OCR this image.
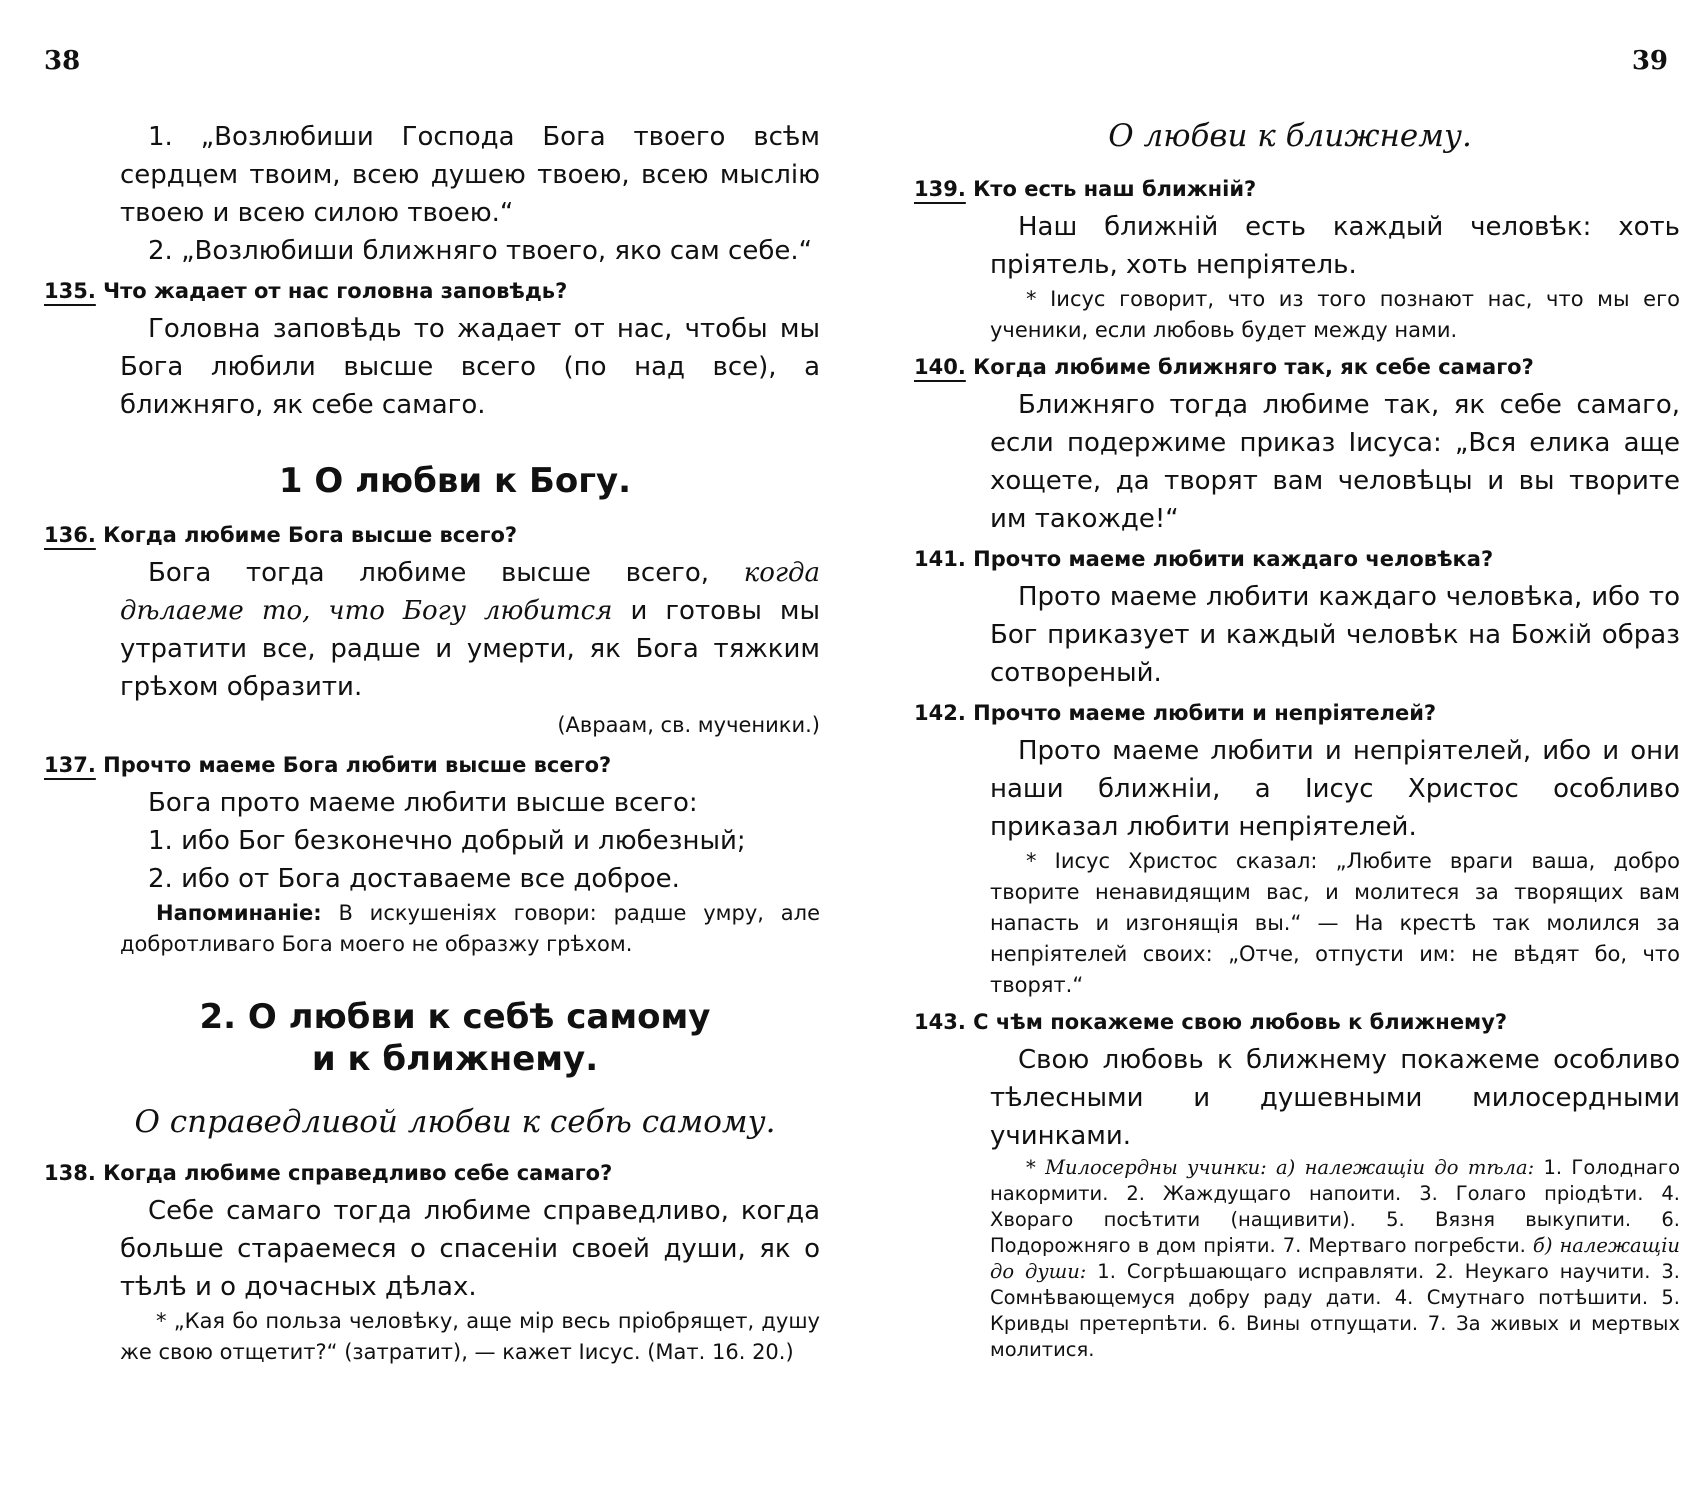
38

1. „Возлюбиши Господа Бога твоего всѣм сердцем твоим, всею душею твоею, всею мыслію твоею и всею силою твоею.“

2. „Возлюбиши ближняго твоего, яко сам себе.“

135. Что жадает от нас головна заповѣдь?

Головна заповѣдь то жадает от нас, чтобы мы Бога любили высше всего (по над все), а ближняго, як себе самаго.

1 О любви к Богу.

136. Когда любиме Бога высше всего?

Бога тогда любиме высше всего, когда дѣлаеме то, что Богу любится и готовы мы утратити все, радше и умерти, як Бога тяжким грѣхом образити.
(Авраам, св. мученики.)

137. Прочто маеме Бога любити высше всего?

Бога прото маеме любити высше всего:

1. ибо Бог безконечно добрый и любезный;

2. ибо от Бога доставаеме все доброе.

Напоминаніе: В искушеніях говори: радше умру, але добротливаго Бога моего не образжу грѣхом.

2. О любви к себѣ самому
и к ближнему.
О справедливой любви к себѣ самому.

138. Когда любиме справедливо себе самаго?

Себе самаго тогда любиме справедливо, когда больше стараемеся о спасеніи своей души, як о тѣлѣ и о дочасных дѣлах.

* „Кая бо польза человѣку, аще мір весь пріобрящет, душу же свою отщетит?“ (затратит), — кажет Іисус. (Мат. 16. 20.)

39
О любви к ближнему.

139. Кто есть наш ближній?

Наш ближній есть каждый человѣк: хоть пріятель, хоть непріятель.

* Іисус говорит, что из того познают нас, что мы его ученики, если любовь будет между нами.

140. Когда любиме ближняго так, як себе самаго?

Ближняго тогда любиме так, як себе самаго, если подержиме приказ Іисуса: „Вся елика аще хощете, да творят вам человѣцы и вы творите им такожде!“

141. Прочто маеме любити каждаго человѣка?

Прото маеме любити каждаго человѣка, ибо то Бог приказует и каждый человѣк на Божій образ сотвореный.

142. Прочто маеме любити и непріятелей?

Прото маеме любити и непріятелей, ибо и они наши ближніи, а Іисус Христос особливо приказал любити непріятелей.

* Іисус Христос сказал: „Любите враги ваша, добро творите ненавидящим вас, и молитеся за творящих вам напасть и изгонящія вы.“ — На крестѣ так молился за непріятелей своих: „Отче, отпусти им: не вѣдят бо, что творят.“

143. С чѣм покажеме свою любовь к ближнему?

Свою любовь к ближнему покажеме особливо тѣлесными и душевными милосердными учинками.

* Милосердны учинки: а) належащіи до тѣла: 1. Голоднаго накормити. 2. Жаждущаго напоити. 3. Голаго пріодѣти. 4. Хвораго посѣтити (нащивити). 5. Вязня выкупити. 6. Подорожняго в дом пріяти. 7. Мертваго погребсти. б) належащіи до души: 1. Согрѣшающаго исправляти. 2. Неукаго научити. 3. Сомнѣвающемуся добру раду дати. 4. Смутнаго потѣшити. 5. Кривды претерпѣти. 6. Вины отпущати. 7. За живых и мертвых молитися.
